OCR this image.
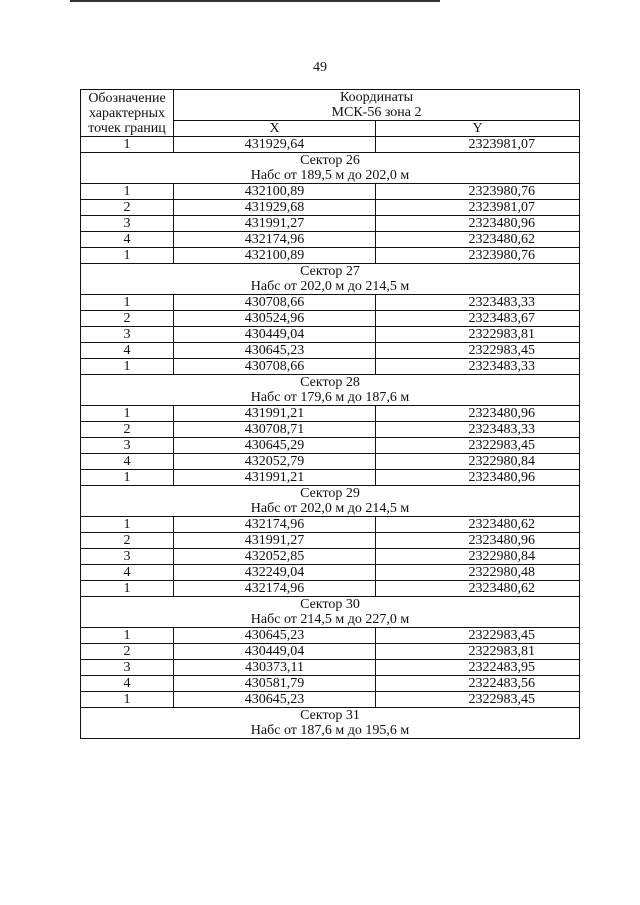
49
Обозначение характерных точек границ	Координаты
МСК-56 зона 2	
	X	Y
1	431929,64	2323981,07

Сектор 26
Набс от 189,5 м до 202,0 м		

1	432100,89	2323980,76
2	431929,68	2323981,07
3	431991,27	2323480,96
4	432174,96	2323480,62
1	432100,89	2323980,76

Сектор 27
Набс от 202,0 м до 214,5 м		

1	430708,66	2323483,33
2	430524,96	2323483,67
3	430449,04	2322983,81
4	430645,23	2322983,45
1	430708,66	2323483,33

Сектор 28
Набс от 179,6 м до 187,6 м		

1	431991,21	2323480,96
2	430708,71	2323483,33
3	430645,29	2322983,45
4	432052,79	2322980,84
1	431991,21	2323480,96

Сектор 29
Набс от 202,0 м до 214,5 м		

1	432174,96	2323480,62
2	431991,27	2323480,96
3	432052,85	2322980,84
4	432249,04	2322980,48
1	432174,96	2323480,62

Сектор 30
Набс от 214,5 м до 227,0 м		

1	430645,23	2322983,45
2	430449,04	2322983,81
3	430373,11	2322483,95
4	430581,79	2322483,56
1	430645,23	2322983,45

Сектор 31
Набс от 187,6 м до 195,6 м		
